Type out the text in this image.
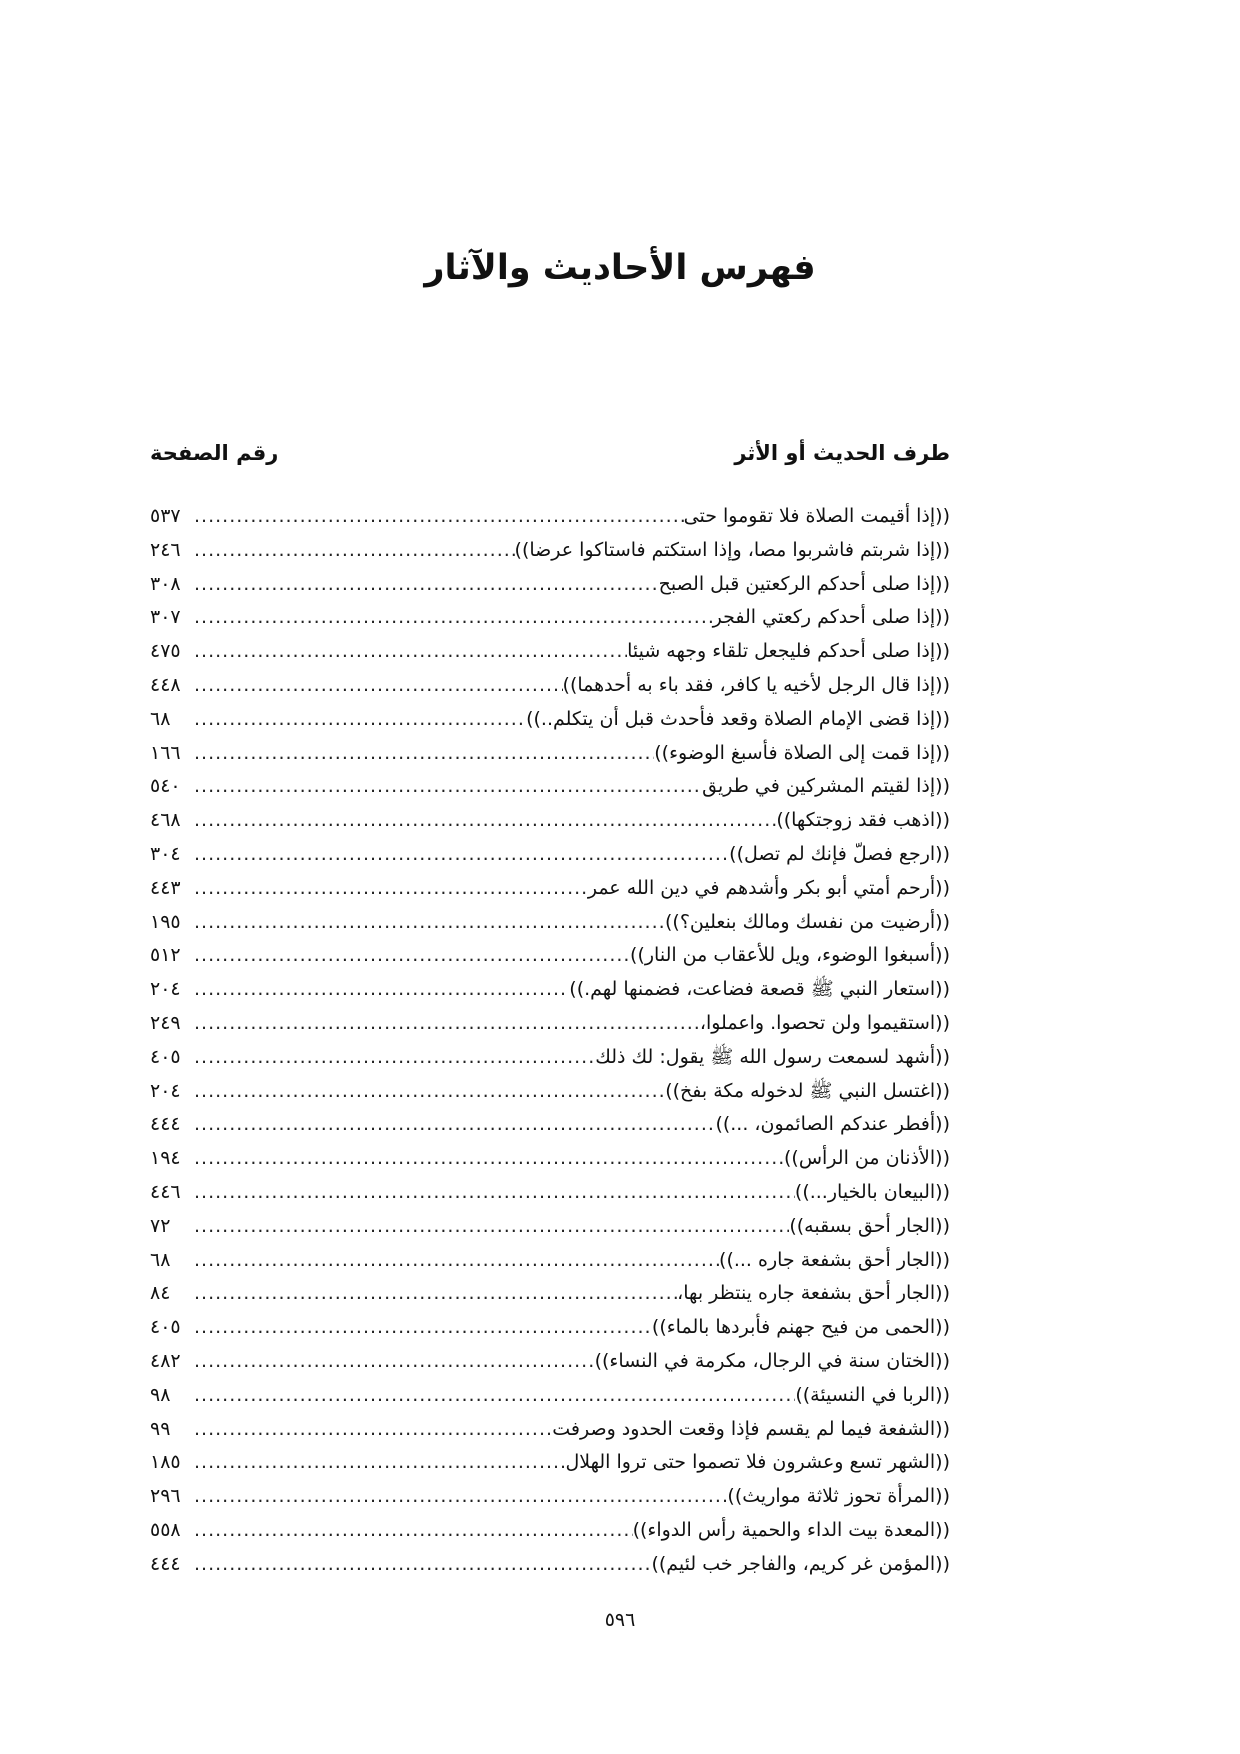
فهرس الأحاديث والآثار
طرف الحديث أو الأثر
رقم الصفحة
((إذا أقيمت الصلاة فلا تقوموا حتى
.....
٥٣٧
((إذا شربتم فاشربوا مصا، وإذا استكتم فاستاكوا عرضا))
.....
٢٤٦
((إذا صلى أحدكم الركعتين قبل الصبح
.....
٣٠٨
((إذا صلى أحدكم ركعتي الفجر
.....
٣٠٧
((إذا صلى أحدكم فليجعل تلقاء وجهه شيئا
.....
٤٧٥
((إذا قال الرجل لأخيه يا كافر، فقد باء به أحدهما))
.....
٤٤٨
((إذا قضى الإمام الصلاة وقعد فأحدث قبل أن يتكلم..))
.....
٦٨
((إذا قمت إلى الصلاة فأسبغ الوضوء))
.....
١٦٦
((إذا لقيتم المشركين في طريق
.....
٥٤٠
((اذهب فقد زوجتكها))
.....
٤٦٨
((ارجع فصلّ فإنك لم تصل))
.....
٣٠٤
((أرحم أمتي أبو بكر وأشدهم في دين الله عمر
.....
٤٤٣
((أرضيت من نفسك ومالك بنعلين؟))
.....
١٩٥
((أسبغوا الوضوء، ويل للأعقاب من النار))
.....
٥١٢
((استعار النبي ﷺ قصعة فضاعت، فضمنها لهم.))
.....
٢٠٤
((استقيموا ولن تحصوا. واعملوا،
.....
٢٤٩
((أشهد لسمعت رسول الله ﷺ يقول: لك ذلك
.....
٤٠٥
((اغتسل النبي ﷺ لدخوله مكة بفخ))
.....
٢٠٤
((أفطر عندكم الصائمون، ...))
.....
٤٤٤
((الأذنان من الرأس))
.....
١٩٤
((البيعان بالخيار...))
.....
٤٤٦
((الجار أحق بسقبه))
.....
٧٢
((الجار أحق بشفعة جاره ...))
.....
٦٨
((الجار أحق بشفعة جاره ينتظر بها،
.....
٨٤
((الحمى من فيح جهنم فأبردها بالماء))
.....
٤٠٥
((الختان سنة في الرجال، مكرمة في النساء))
.....
٤٨٢
((الربا في النسيئة))
.....
٩٨
((الشفعة فيما لم يقسم فإذا وقعت الحدود وصرفت
.....
٩٩
((الشهر تسع وعشرون فلا تصموا حتى تروا الهلال
.....
١٨٥
((المرأة تحوز ثلاثة مواريث))
.....
٢٩٦
((المعدة بيت الداء والحمية رأس الدواء))
.....
٥٥٨
((المؤمن غر كريم، والفاجر خب لئيم))
.....
٤٤٤
٥٩٦
